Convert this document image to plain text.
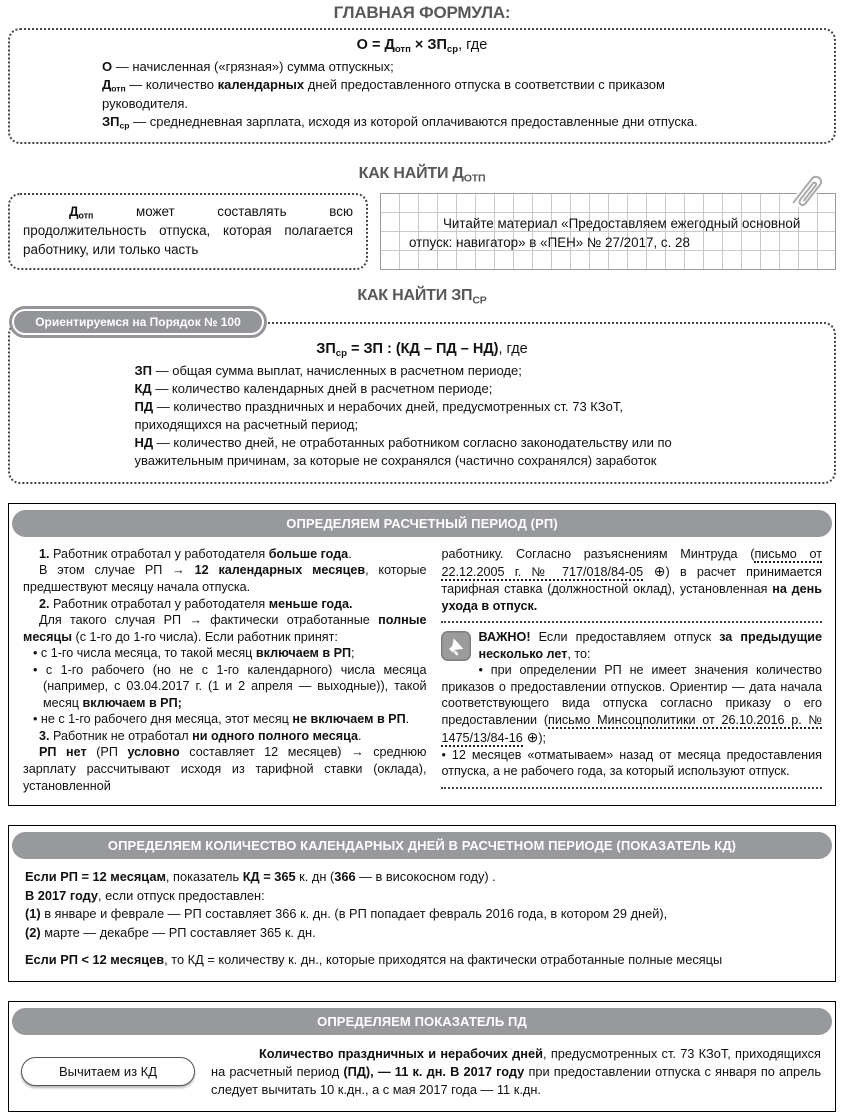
ГЛАВНАЯ ФОРМУЛА:

О = Дотп × ЗПср, где

О — начисленная («грязная») сумма отпускных;

Дотп — количество календарных дней предоставленного отпуска в соответствии с приказом руководителя.

ЗПср — среднедневная зарплата, исходя из которой оплачиваются предоставленные дни отпуска.

КАК НАЙТИ $Д_{ОТП}$

Дотп может составлять всю продолжительность отпуска, которая полагается работнику, или только часть

Читайте материал «Предоставляем ежегодный основной отпуск: навигатор» в «ПЕН» № 27/2017, с. 28

КАК НАЙТИ $ЗП_{СР}$
Ориентируемся на Порядок № 100

ЗПср = ЗП : (КД – ПД – НД), где

ЗП — общая сумма выплат, начисленных в расчетном периоде;

КД — количество календарных дней в расчетном периоде;

ПД — количество праздничных и нерабочих дней, предусмотренных ст. 73 КЗоТ, приходящихся на расчетный период;

НД — количество дней, не отработанных работником согласно законодательству или по уважительным причинам, за которые не сохранялся (частично сохранялся) заработок

ОПРЕДЕЛЯЕМ РАСЧЕТНЫЙ ПЕРИОД (РП)

1. Работник отработал у работодателя больше года.

В этом случае РП → 12 календарных месяцев, которые предшествуют месяцу начала отпуска.

2. Работник отработал у работодателя меньше года.

Для такого случая РП → фактически отработанные полные месяцы (с 1-го до 1-го числа). Если работник принят:

• с 1-го числа месяца, то такой месяц включаем в РП;

• с 1-го рабочего (но не с 1-го календарного) числа месяца (например, с 03.04.2017 г. (1 и 2 апреля — выходные)), такой месяц включаем в РП;

• не с 1-го рабочего дня месяца, этот месяц не включаем в РП.

3. Работник не отработал ни одного полного месяца.

РП нет (РП условно составляет 12 месяцев) → среднюю зарплату рассчитывают исходя из тарифной ставки (оклада), установленной

работнику. Согласно разъяснениям Минтруда (письмо от 22.12.2005 г. № 717/018/84-05 ⊕) в расчет принимается тарифная ставка (должностной оклад), установленная на день ухода в отпуск.

ВАЖНО! Если предоставляем отпуск за предыдущие несколько лет, то:

• при определении РП не имеет значения количество приказов о предоставлении отпусков. Ориентир — дата начала соответствующего вида отпуска согласно приказу о его предоставлении (письмо Минсоцполитики от 26.10.2016 р. № 1475/13/84-16 ⊕);

• 12 месяцев «отматываем» назад от месяца предоставления отпуска, а не рабочего года, за который используют отпуск.

ОПРЕДЕЛЯЕМ КОЛИЧЕСТВО КАЛЕНДАРНЫХ ДНЕЙ В РАСЧЕТНОМ ПЕРИОДЕ (ПОКАЗАТЕЛЬ КД)

Если РП = 12 месяцам, показатель КД = 365 к. дн (366 — в високосном году) .

В 2017 году, если отпуск предоставлен:

(1) в январе и феврале — РП составляет 366 к. дн. (в РП попадает февраль 2016 года, в котором 29 дней),

(2) марте — декабре — РП составляет 365 к. дн.

Если РП < 12 месяцев, то КД = количеству к. дн., которые приходятся на фактически отработанные полные месяцы

ОПРЕДЕЛЯЕМ ПОКАЗАТЕЛЬ ПД
Вычитаем из КД

Количество праздничных и нерабочих дней, предусмотренных ст. 73 КЗоТ, приходящихся на расчетный период (ПД), — 11 к. дн. В 2017 году при предоставлении отпуска с января по апрель следует вычитать 10 к.дн., а с мая 2017 года — 11 к.дн.
